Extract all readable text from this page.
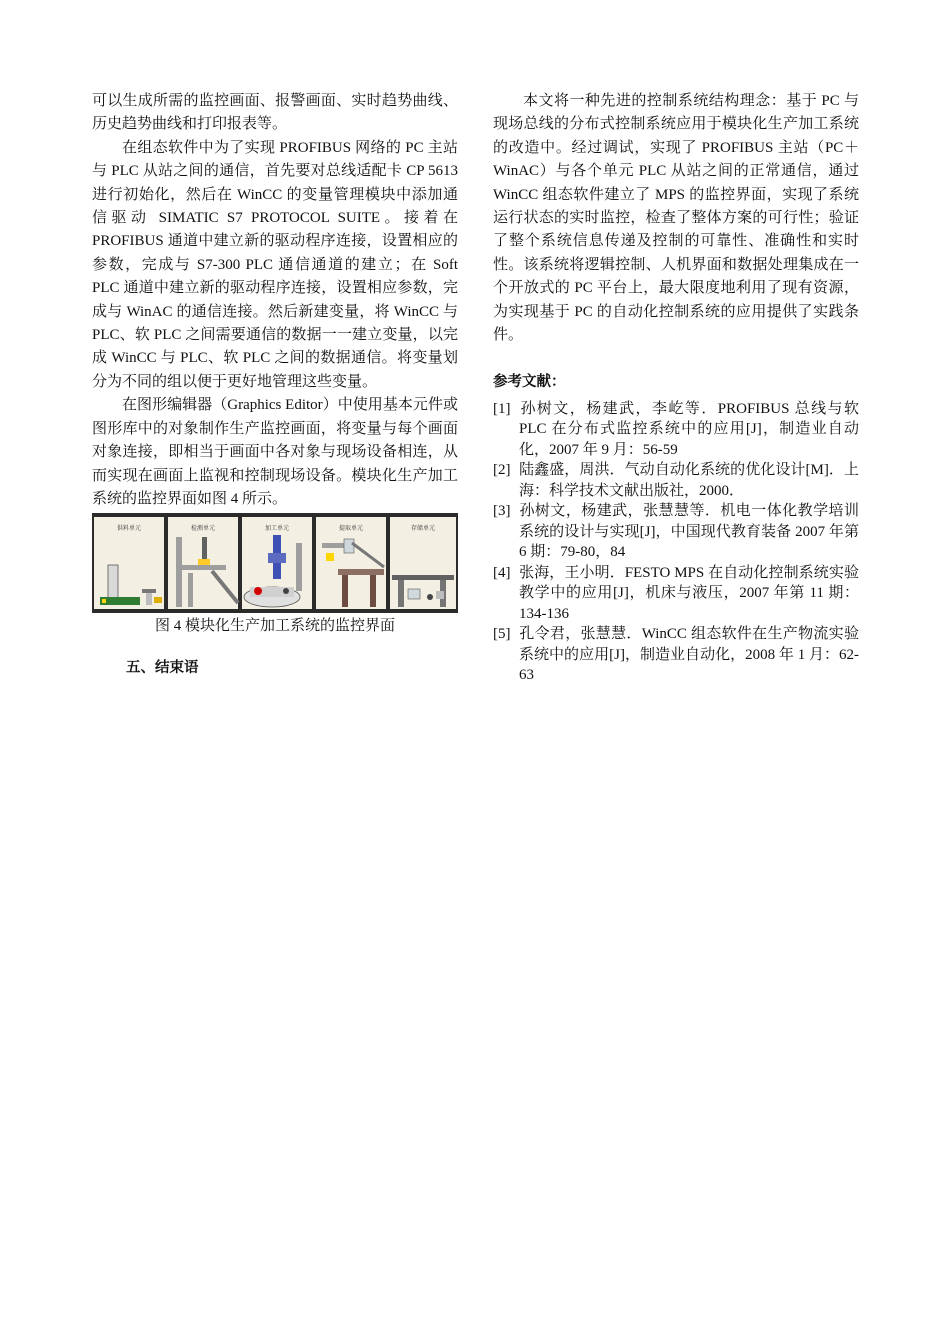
可以生成所需的监控画面、报警画面、实时趋势曲线、历史趋势曲线和打印报表等。

在组态软件中为了实现 PROFIBUS 网络的 PC 主站与 PLC 从站之间的通信，首先要对总线适配卡 CP 5613 进行初始化，然后在 WinCC 的变量管理模块中添加通信驱动 SIMATIC S7 PROTOCOL SUITE。接着在 PROFIBUS 通道中建立新的驱动程序连接，设置相应的参数，完成与 S7-300 PLC 通信通道的建立；在 Soft PLC 通道中建立新的驱动程序连接，设置相应参数，完成与 WinAC 的通信连接。然后新建变量，将 WinCC 与 PLC、软 PLC 之间需要通信的数据一一建立变量，以完成 WinCC 与 PLC、软 PLC 之间的数据通信。将变量划分为不同的组以便于更好地管理这些变量。

在图形编辑器（Graphics Editor）中使用基本元件或图形库中的对象制作生产监控画面，将变量与每个画面对象连接，即相当于画面中各对象与现场设备相连，从而实现在画面上监视和控制现场设备。模块化生产加工系统的监控界面如图 4 所示。

供料单元	检测单元	加工单元	提取单元	存储单元

图 4 模块化生产加工系统的监控界面

五、结束语

本文将一种先进的控制系统结构理念：基于 PC 与现场总线的分布式控制系统应用于模块化生产加工系统的改造中。经过调试，实现了 PROFIBUS 主站（PC＋WinAC）与各个单元 PLC 从站之间的正常通信，通过 WinCC 组态软件建立了 MPS 的监控界面，实现了系统运行状态的实时监控，检查了整体方案的可行性；验证了整个系统信息传递及控制的可靠性、准确性和实时性。该系统将逻辑控制、人机界面和数据处理集成在一个开放式的 PC 平台上，最大限度地利用了现有资源，为实现基于 PC 的自动化控制系统的应用提供了实践条件。

参考文献：

[1] 孙树文，杨建武，李屹等．PROFIBUS 总线与软 PLC 在分布式监控系统中的应用[J]，制造业自动化，2007 年 9 月：56-59
[2] 陆鑫盛，周洪．气动自动化系统的优化设计[M]．上海：科学技术文献出版社，2000．
[3] 孙树文，杨建武，张慧慧等．机电一体化教学培训系统的设计与实现[J]，中国现代教育装备 2007 年第 6 期：79-80，84
[4] 张海，王小明．FESTO MPS 在自动化控制系统实验教学中的应用[J]，机床与液压，2007 年第 11 期：134-136
[5] 孔令君，张慧慧．WinCC 组态软件在生产物流实验系统中的应用[J]，制造业自动化，2008 年 1 月：62-63
